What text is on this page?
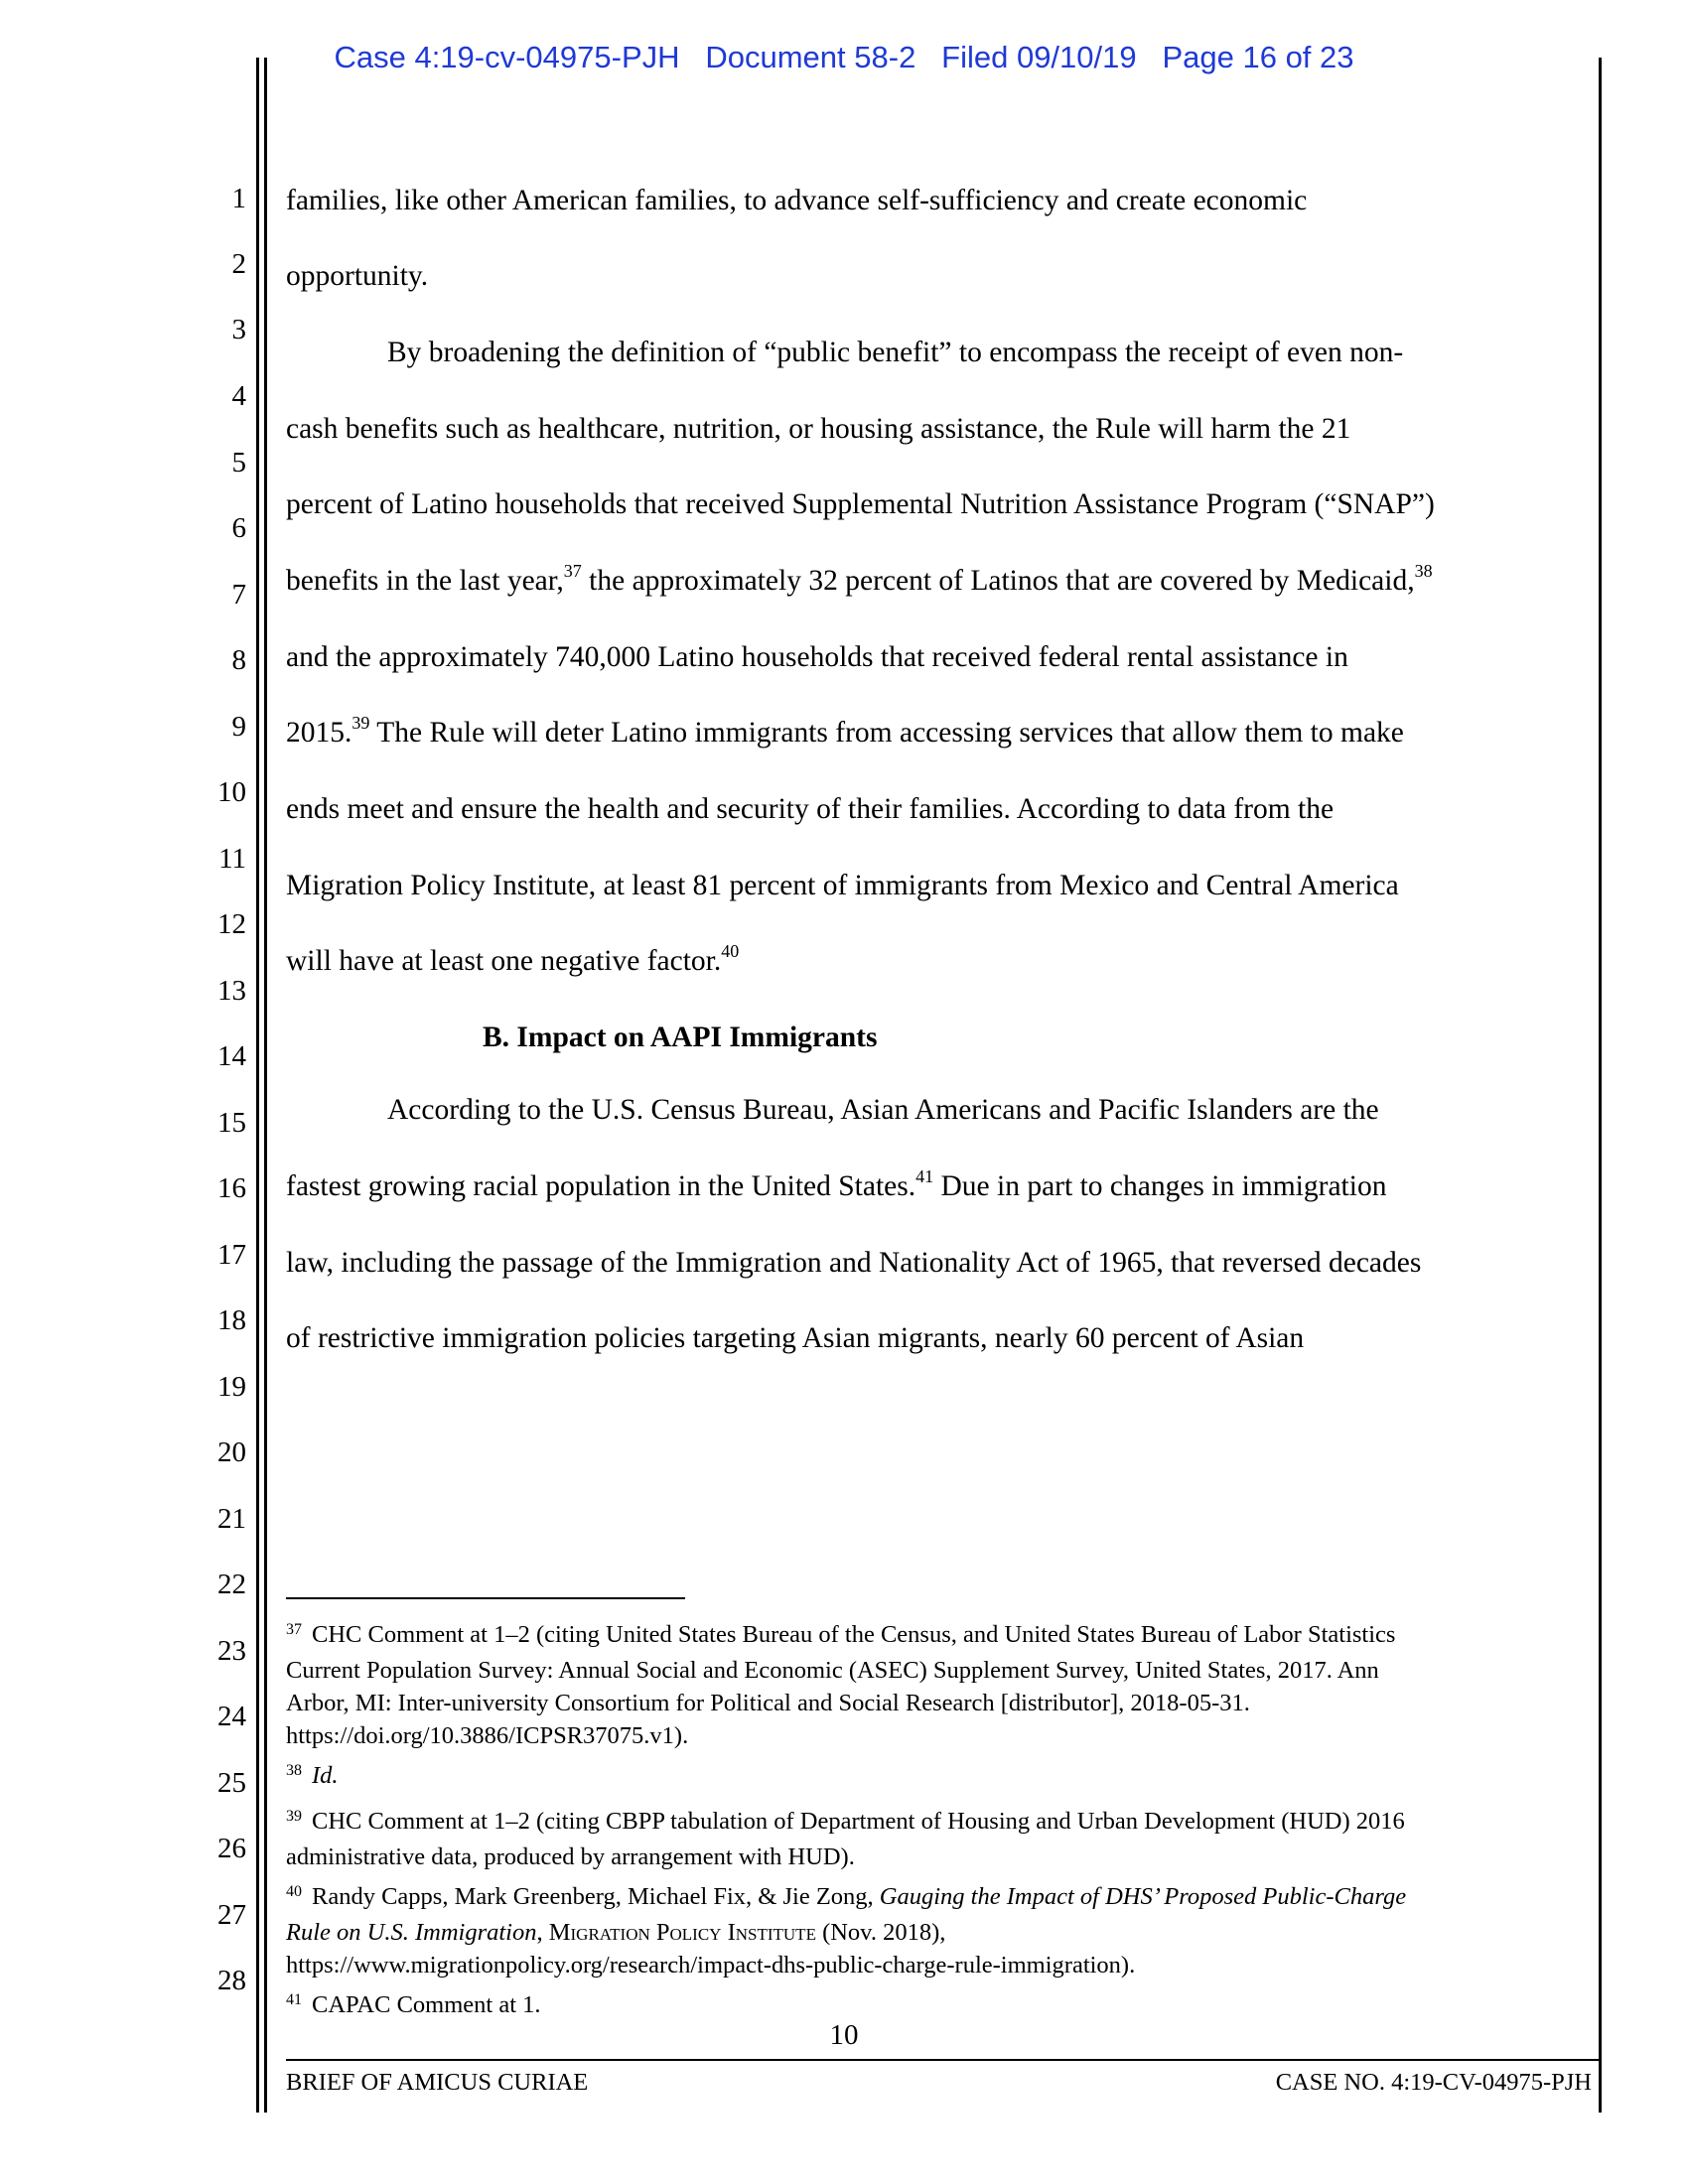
Case 4:19-cv-04975-PJH   Document 58-2   Filed 09/10/19   Page 16 of 23
1
2
3
4
5
6
7
8
9
10
11
12
13
14
15
16
17
18
19
20
21
22
23
24
25
26
27
28
families, like other American families, to advance self-sufficiency and create economic
opportunity.
By broadening the definition of “public benefit” to encompass the receipt of even non-
cash benefits such as healthcare, nutrition, or housing assistance, the Rule will harm the 21
percent of Latino households that received Supplemental Nutrition Assistance Program (“SNAP”)
benefits in the last year,$^{37}$ the approximately 32 percent of Latinos that are covered by Medicaid,$^{38}$
and the approximately 740,000 Latino households that received federal rental assistance in
2015.39 The Rule will deter Latino immigrants from accessing services that allow them to make
ends meet and ensure the health and security of their families. According to data from the
Migration Policy Institute, at least 81 percent of immigrants from Mexico and Central America
will have at least one negative factor.$^{40}$
B. Impact on AAPI Immigrants
According to the U.S. Census Bureau, Asian Americans and Pacific Islanders are the
fastest growing racial population in the United States.$^{41}$ Due in part to changes in immigration
law, including the passage of the Immigration and Nationality Act of 1965, that reversed decades
of restrictive immigration policies targeting Asian migrants, nearly 60 percent of Asian
$^{37}$ CHC Comment at 1–2 (citing United States Bureau of the Census, and United States Bureau of Labor Statistics
Current Population Survey: Annual Social and Economic (ASEC) Supplement Survey, United States, 2017. Ann
Arbor, MI: Inter-university Consortium for Political and Social Research [distributor], 2018-05-31.
https://doi.org/10.3886/ICPSR37075.v1).
$^{38}$ Id.
$^{39}$ CHC Comment at 1–2 (citing CBPP tabulation of Department of Housing and Urban Development (HUD) 2016
administrative data, produced by arrangement with HUD).
$^{40}$ Randy Capps, Mark Greenberg, Michael Fix, & Jie Zong, Gauging the Impact of DHS’ Proposed Public-Charge
Rule on U.S. Immigration, Migration Policy Institute (Nov. 2018),
https://www.migrationpolicy.org/research/impact-dhs-public-charge-rule-immigration).
$^{41}$ CAPAC Comment at 1.
10
BRIEF OF AMICUS CURIAE	CASE NO. 4:19-CV-04975-PJH
